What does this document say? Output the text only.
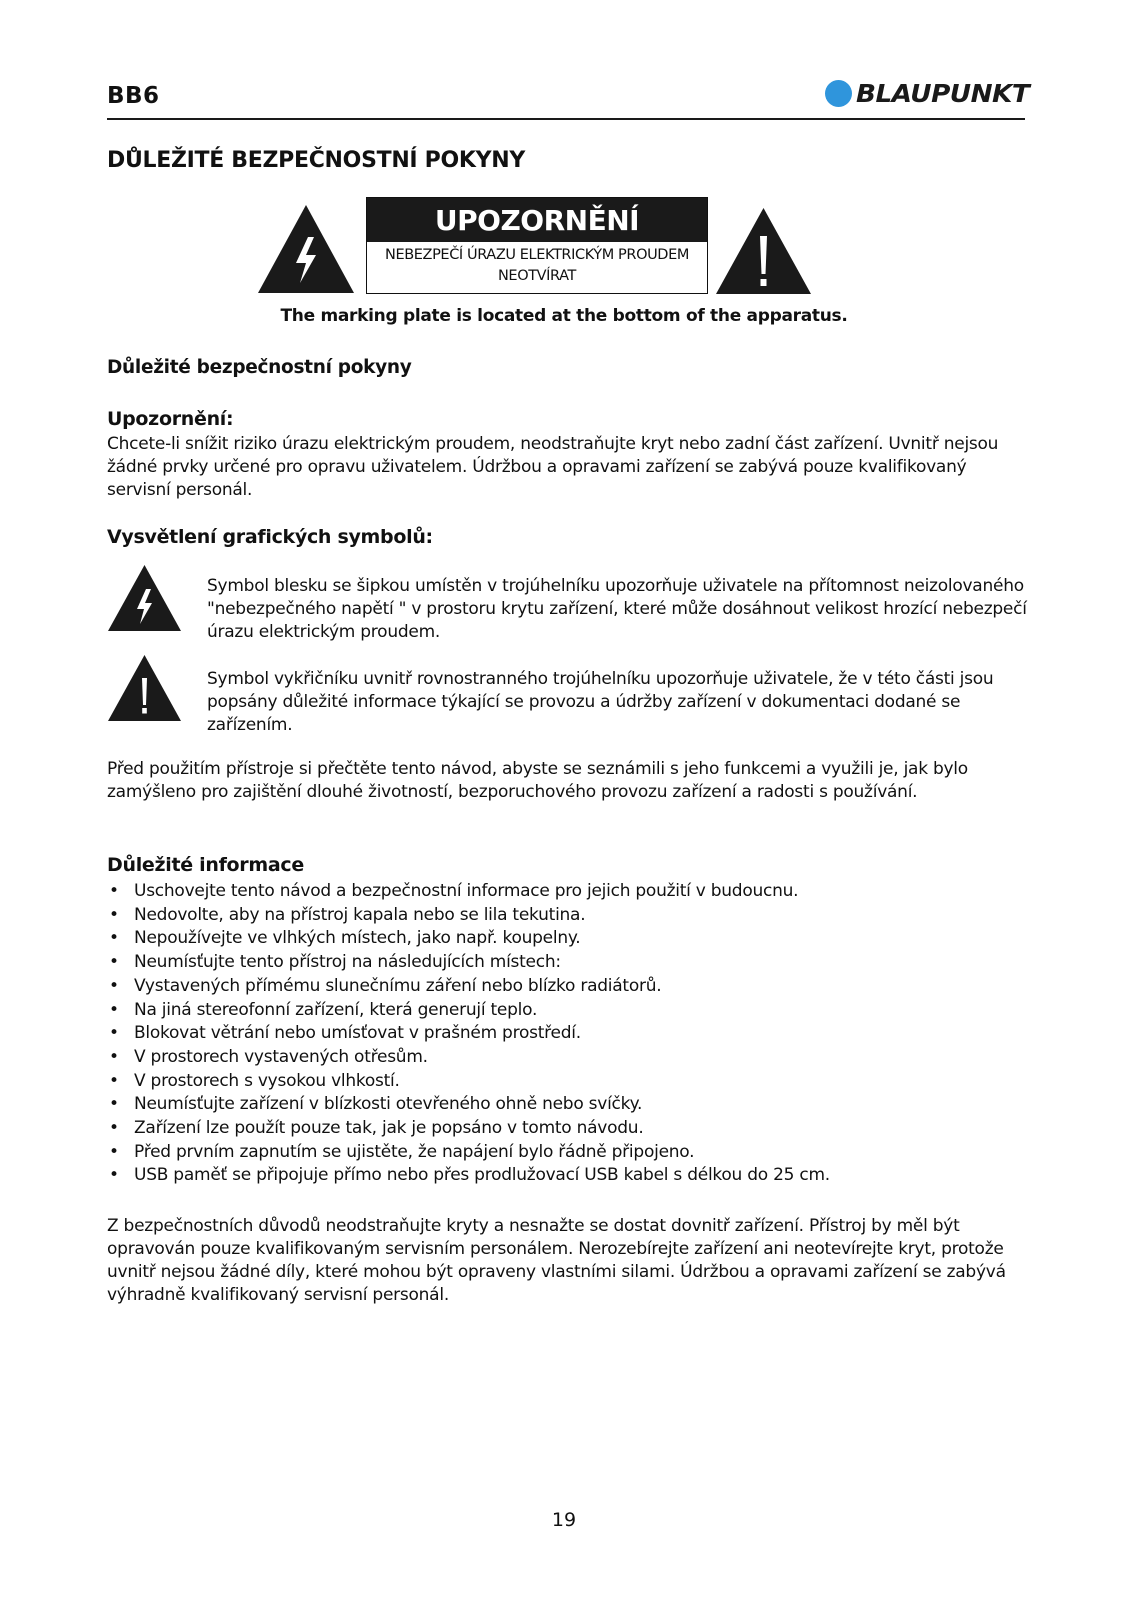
BB6	BLAUPUNKT
DŮLEŽITÉ BEZPEČNOSTNÍ POKYNY
UPOZORNĚNÍ
NEBEZPEČÍ ÚRAZU ELEKTRICKÝM PROUDEM
NEOTVÍRAT
The marking plate is located at the bottom of the apparatus.
Důležité bezpečnostní pokyny
Upozornění:
Chcete-li snížit riziko úrazu elektrickým proudem, neodstraňujte kryt nebo zadní část zařízení. Uvnitř nejsou žádné prvky určené pro opravu uživatelem. Údržbou a opravami zařízení se zabývá pouze kvalifikovaný servisní personál.
Vysvětlení grafických symbolů:
Symbol blesku se šipkou umístěn v trojúhelníku upozorňuje uživatele na přítomnost neizolovaného "nebezpečného napětí " v prostoru krytu zařízení, které může dosáhnout velikost hrozící nebezpečí úrazu elektrickým proudem.
Symbol vykřičníku uvnitř rovnostranného trojúhelníku upozorňuje uživatele, že v této části jsou popsány důležité informace týkající se provozu a údržby zařízení v dokumentaci dodané se zařízením.
Před použitím přístroje si přečtěte tento návod, abyste se seznámili s jeho funkcemi a využili je, jak bylo zamýšleno pro zajištění dlouhé životností, bezporuchového provozu zařízení a radosti s používání.
Důležité informace
• Uschovejte tento návod a bezpečnostní informace pro jejich použití v budoucnu.
• Nedovolte, aby na přístroj kapala nebo se lila tekutina.
• Nepoužívejte ve vlhkých místech, jako např. koupelny.
• Neumísťujte tento přístroj na následujících místech:
• Vystavených přímému slunečnímu záření nebo blízko radiátorů.
• Na jiná stereofonní zařízení, která generují teplo.
• Blokovat větrání nebo umísťovat v prašném prostředí.
• V prostorech vystavených otřesům.
• V prostorech s vysokou vlhkostí.
• Neumísťujte zařízení v blízkosti otevřeného ohně nebo svíčky.
• Zařízení lze použít pouze tak, jak je popsáno v tomto návodu.
• Před prvním zapnutím se ujistěte, že napájení bylo řádně připojeno.
• USB paměť se připojuje přímo nebo přes prodlužovací USB kabel s délkou do 25 cm.
Z bezpečnostních důvodů neodstraňujte kryty a nesnažte se dostat dovnitř zařízení. Přístroj by měl být opravován pouze kvalifikovaným servisním personálem. Nerozebírejte zařízení ani neotevírejte kryt, protože uvnitř nejsou žádné díly, které mohou být opraveny vlastními silami. Údržbou a opravami zařízení se zabývá výhradně kvalifikovaný servisní personál.
19
